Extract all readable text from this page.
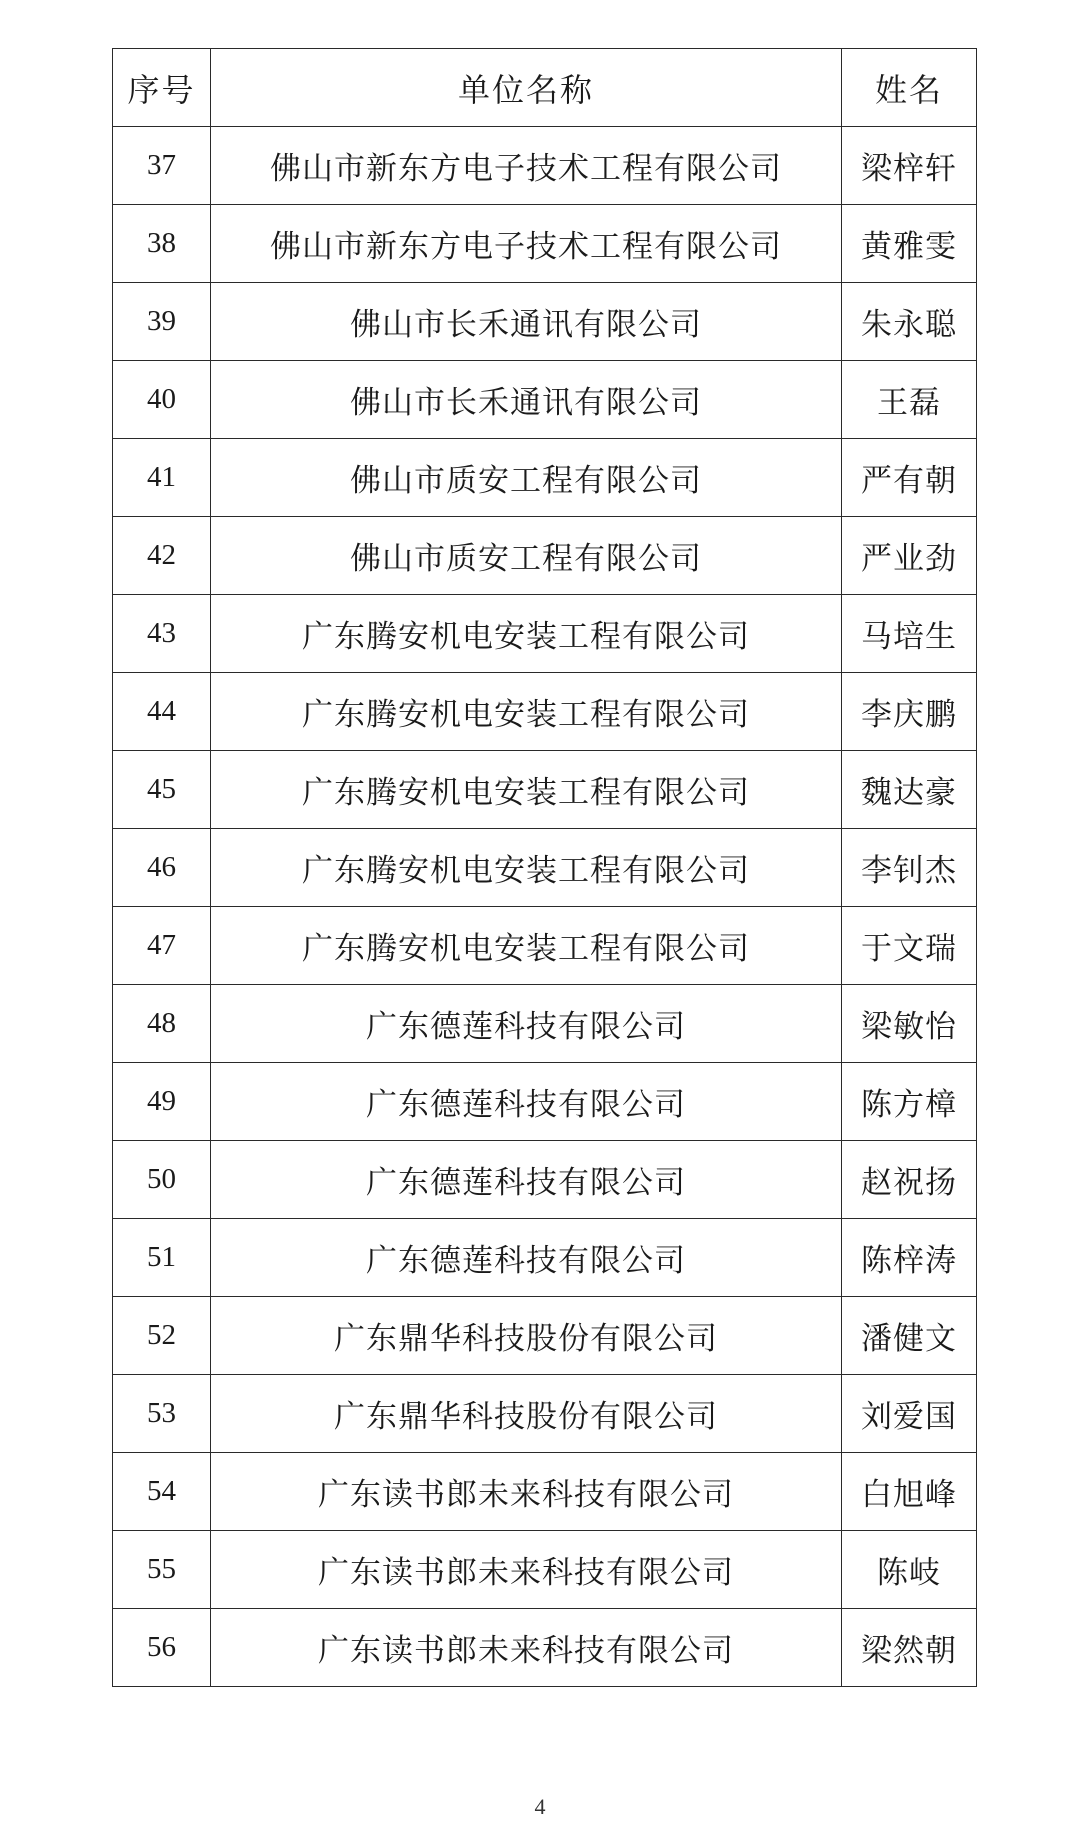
序号	单位名称	姓名
37	佛山市新东方电子技术工程有限公司	梁梓轩
38	佛山市新东方电子技术工程有限公司	黄雅雯
39	佛山市长禾通讯有限公司	朱永聪
40	佛山市长禾通讯有限公司	王磊
41	佛山市质安工程有限公司	严有朝
42	佛山市质安工程有限公司	严业劲
43	广东腾安机电安装工程有限公司	马培生
44	广东腾安机电安装工程有限公司	李庆鹏
45	广东腾安机电安装工程有限公司	魏达豪
46	广东腾安机电安装工程有限公司	李钊杰
47	广东腾安机电安装工程有限公司	于文瑞
48	广东德莲科技有限公司	梁敏怡
49	广东德莲科技有限公司	陈方樟
50	广东德莲科技有限公司	赵祝扬
51	广东德莲科技有限公司	陈梓涛
52	广东鼎华科技股份有限公司	潘健文
53	广东鼎华科技股份有限公司	刘爱国
54	广东读书郎未来科技有限公司	白旭峰
55	广东读书郎未来科技有限公司	陈岐
56	广东读书郎未来科技有限公司	梁然朝
4
